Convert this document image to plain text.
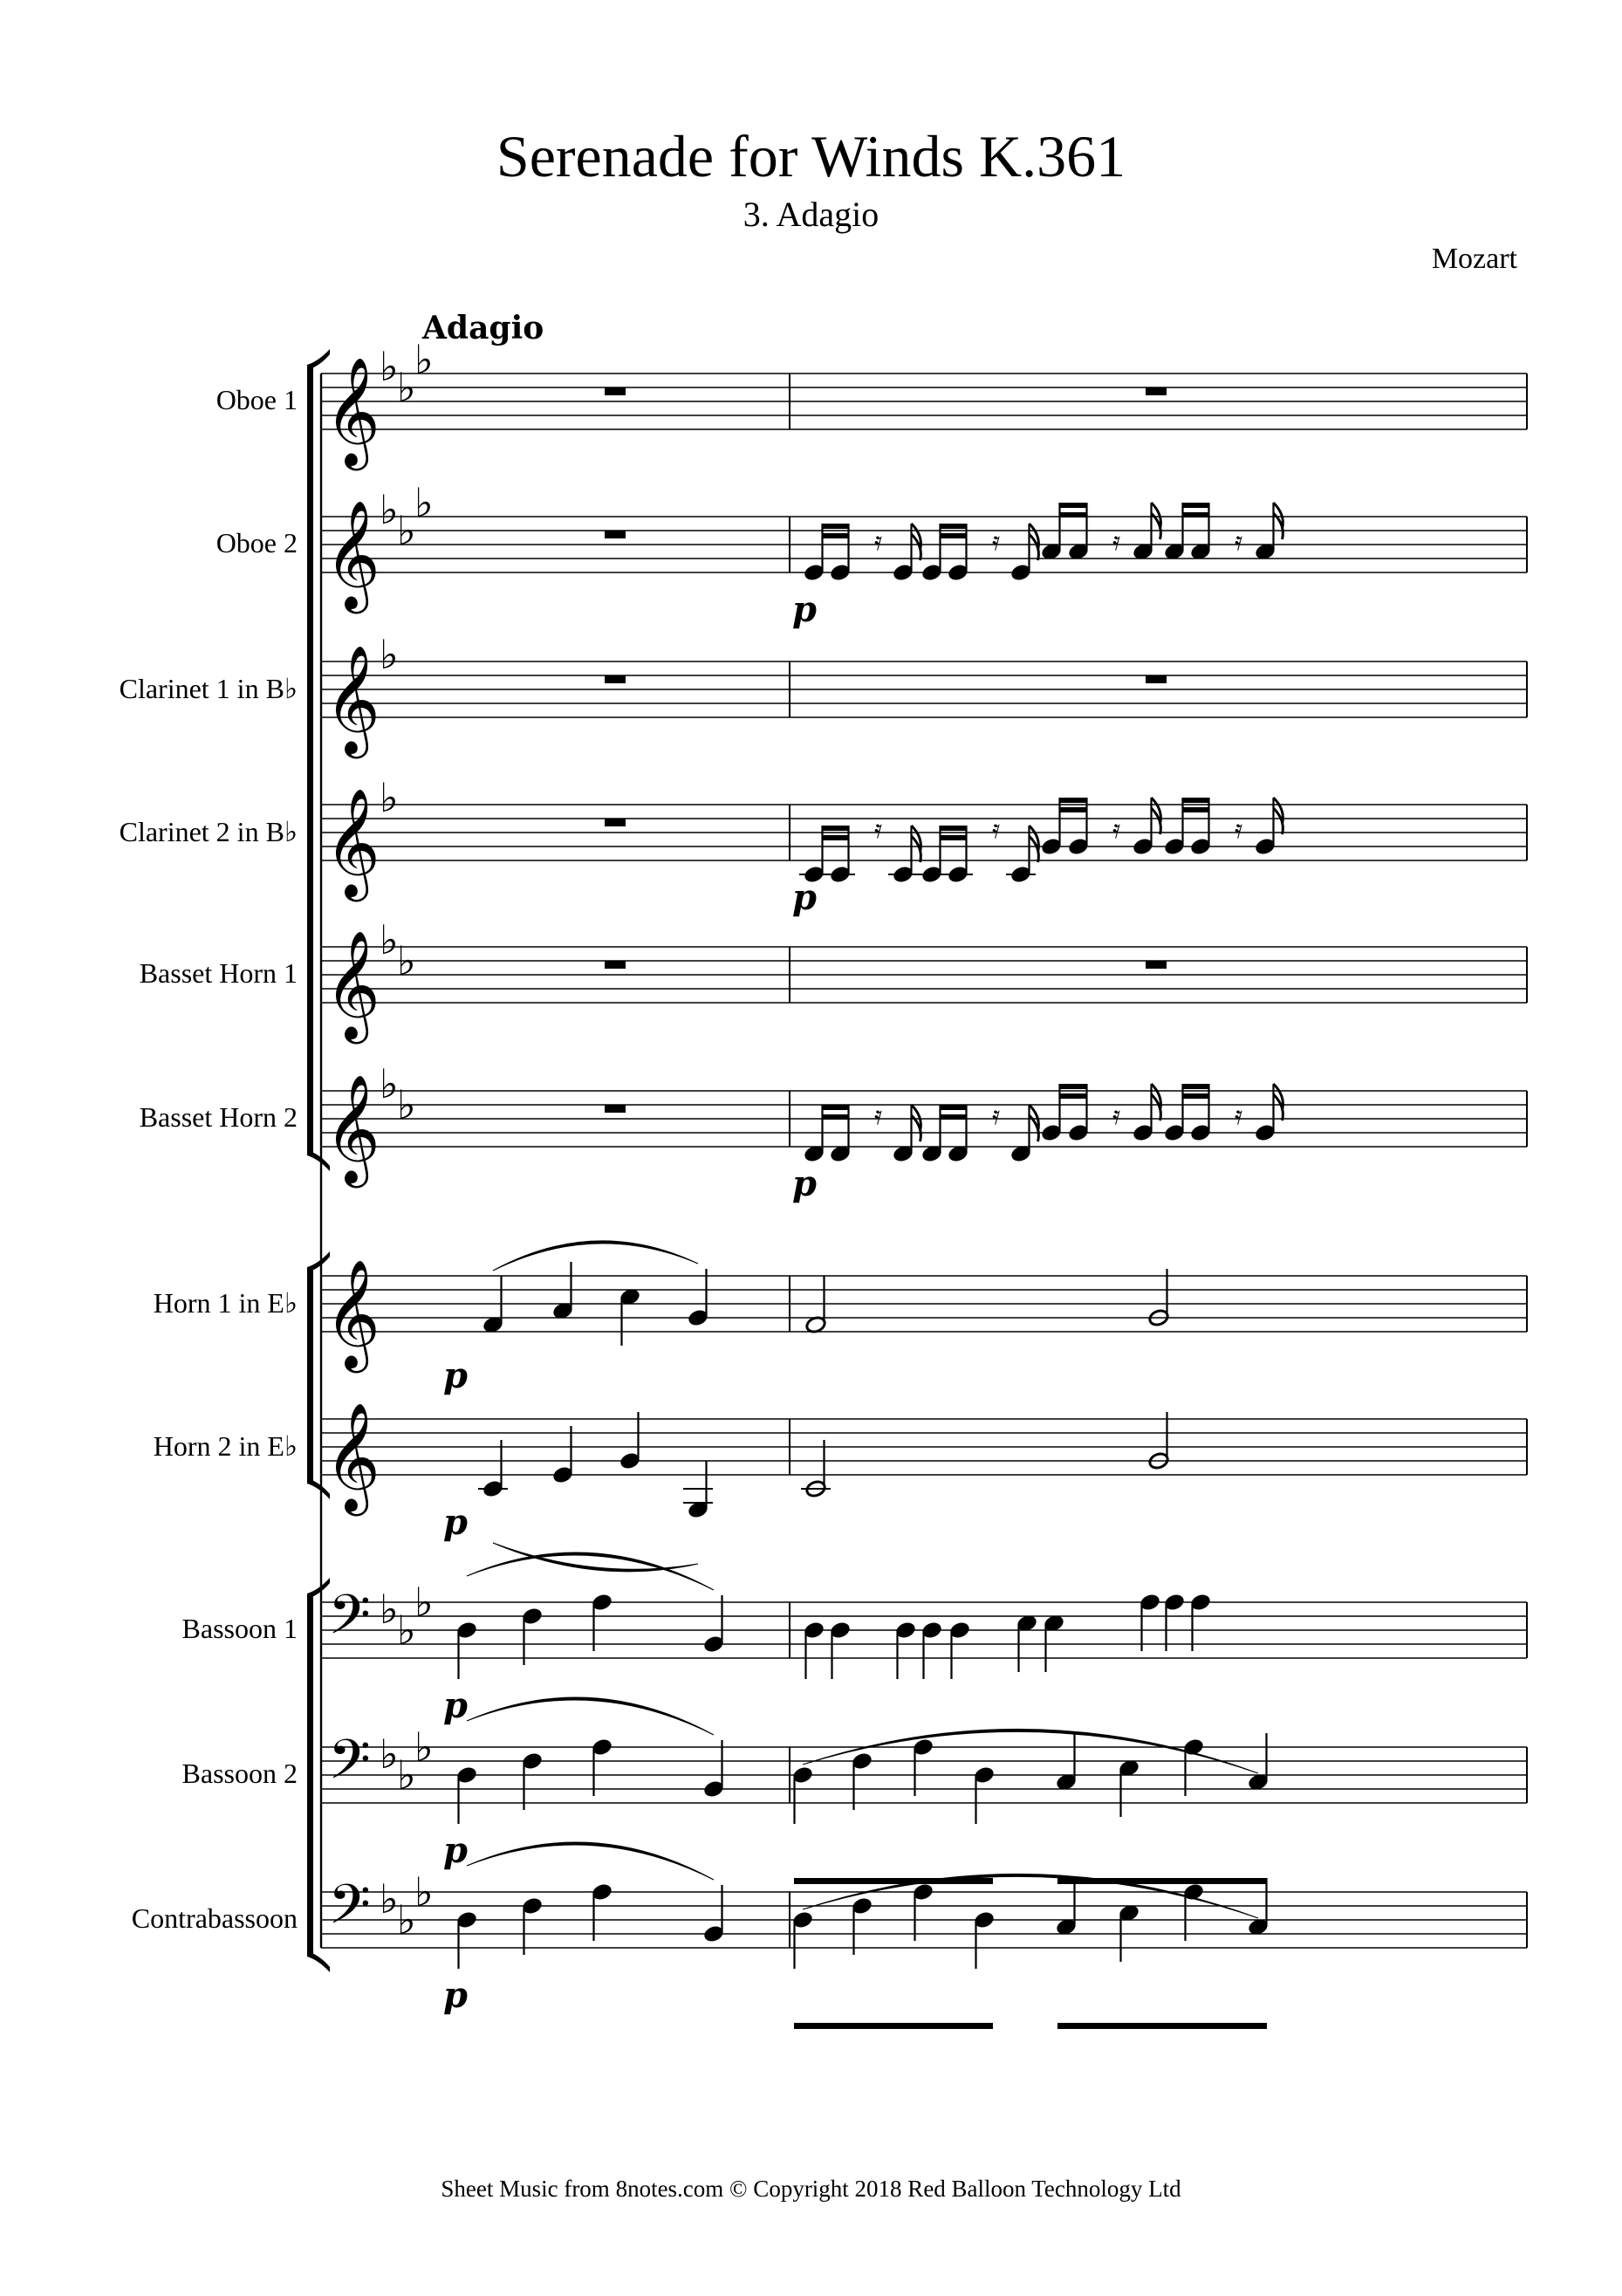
Serenade for Winds K.361
3. Adagio
Mozart
Adagio
Oboe 1
Oboe 2
Clarinet 1 in B♭
Clarinet 2 in B♭
Basset Horn 1
Basset Horn 2
Horn 1 in E♭
Horn 2 in E♭
Bassoon 1
Bassoon 2
Contrabassoon
𝄞 ♭
♭
♭
𝄞 ♭
♭
♭
𝄞 ♭
𝄞 ♭
𝄞 ♭
♭
𝄞 ♭
♭
𝄞
𝄞
𝄢 ♭
♭
♭
𝄢 ♭
♭
♭
𝄢 ♭
♭
♭
𝄿	𝄿	𝄿	𝄿
𝄿	𝄿	𝄿	𝄿
𝄿	𝄿	𝄿	𝄿
p
p
p
p
p
p
p
p
Sheet Music from 8notes.com © Copyright 2018 Red Balloon Technology Ltd
